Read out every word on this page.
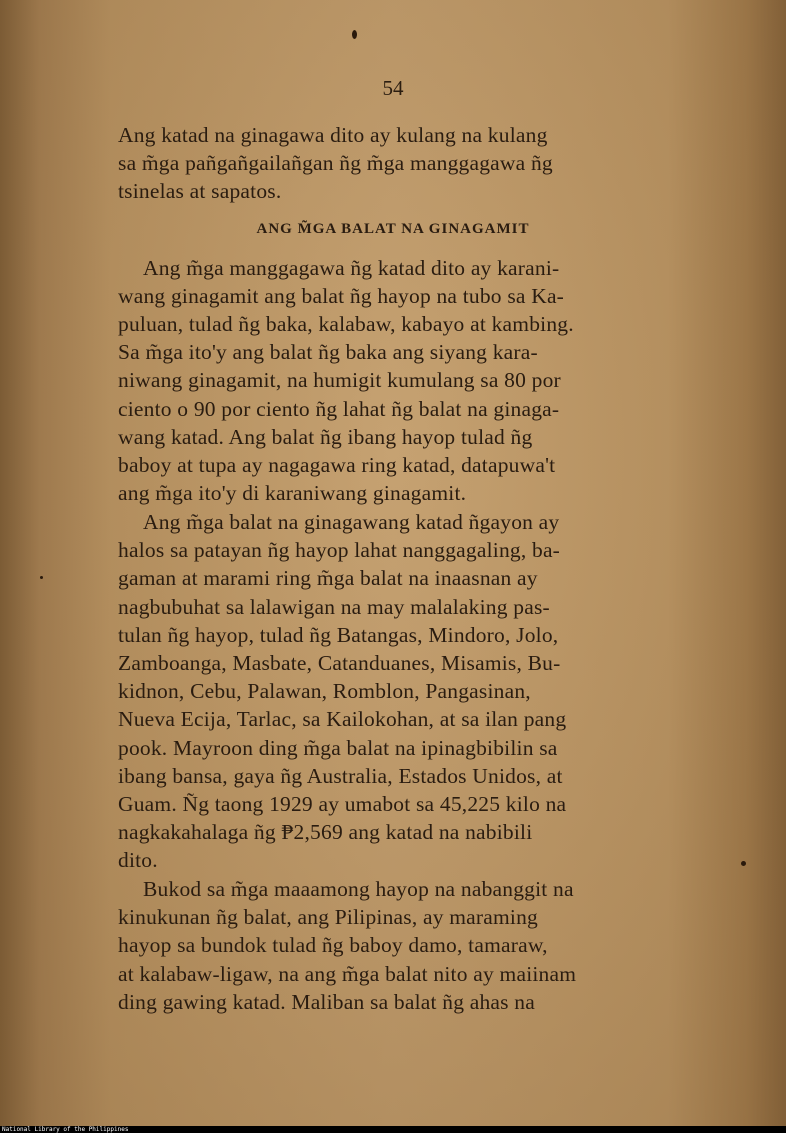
54
Ang katad na ginagawa dito ay kulang na kulang
sa m̃ga pañgañgailañgan ñg m̃ga manggagawa ñg
tsinelas at sapatos.
ANG M̃GA BALAT NA GINAGAMIT
Ang m̃ga manggagawa ñg katad dito ay karani-
wang ginagamit ang balat ñg hayop na tubo sa Ka-
puluan, tulad ñg baka, kalabaw, kabayo at kambing.
Sa m̃ga ito'y ang balat ñg baka ang siyang kara-
niwang ginagamit, na humigit kumulang sa 80 por
ciento o 90 por ciento ñg lahat ñg balat na ginaga-
wang katad. Ang balat ñg ibang hayop tulad ñg
baboy at tupa ay nagagawa ring katad, datapuwa't
ang m̃ga ito'y di karaniwang ginagamit.
Ang m̃ga balat na ginagawang katad ñgayon ay
halos sa patayan ñg hayop lahat nanggagaling, ba-
gaman at marami ring m̃ga balat na inaasnan ay
nagbubuhat sa lalawigan na may malalaking pas-
tulan ñg hayop, tulad ñg Batangas, Mindoro, Jolo,
Zamboanga, Masbate, Catanduanes, Misamis, Bu-
kidnon, Cebu, Palawan, Romblon, Pangasinan,
Nueva Ecija, Tarlac, sa Kailokohan, at sa ilan pang
pook. Mayroon ding m̃ga balat na ipinagbibilin sa
ibang bansa, gaya ñg Australia, Estados Unidos, at
Guam. Ñg taong 1929 ay umabot sa 45,225 kilo na
nagkakahalaga ñg ₱2,569 ang katad na nabibili
dito.
Bukod sa m̃ga maaamong hayop na nabanggit na
kinukunan ñg balat, ang Pilipinas, ay maraming
hayop sa bundok tulad ñg baboy damo, tamaraw,
at kalabaw-ligaw, na ang m̃ga balat nito ay maiinam
ding gawing katad. Maliban sa balat ñg ahas na
National Library of the Philippines
